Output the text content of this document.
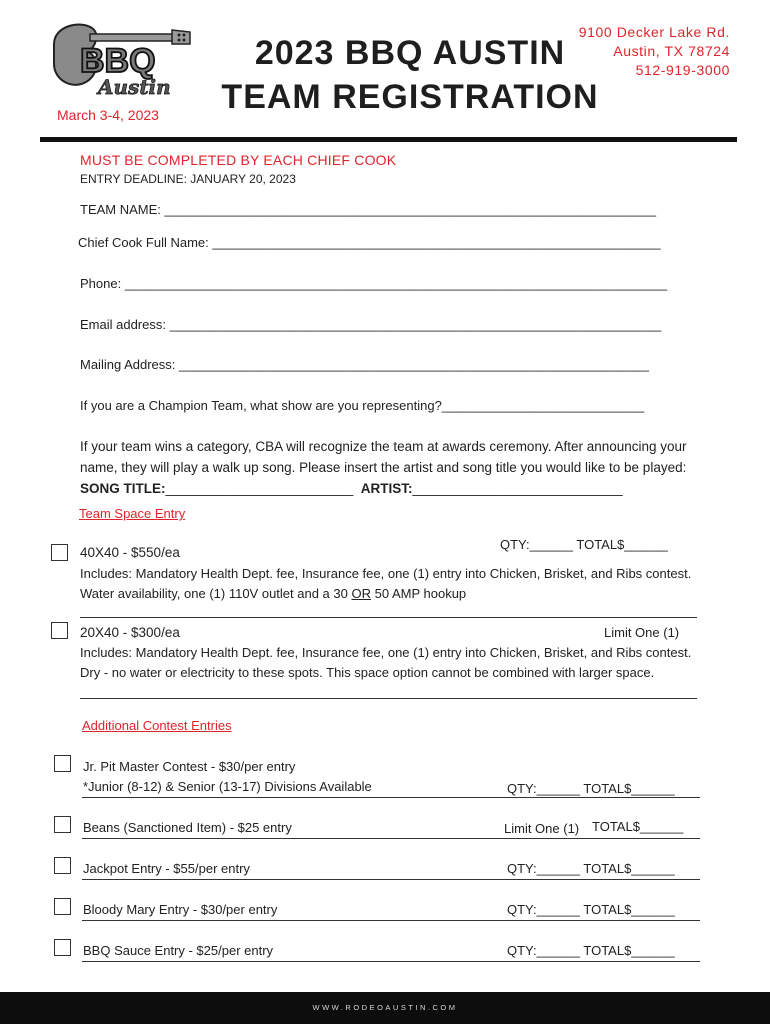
BBQ
Austin
March 3-4, 2023
2023 BBQ AUSTIN
TEAM REGISTRATION
9100 Decker Lake Rd.
Austin, TX 78724
512-919-3000
MUST BE COMPLETED BY EACH CHIEF COOK
ENTRY DEADLINE: JANUARY 20, 2023
TEAM NAME: ____________________________________________________________________
Chief Cook Full Name: ______________________________________________________________
Phone: ___________________________________________________________________________
Email address: ____________________________________________________________________
Mailing Address: _________________________________________________________________
If you are a Champion Team, what show are you representing?____________________________
If your team wins a category, CBA will recognize the team at awards ceremony. After announcing your name, they will play a walk up song. Please insert the artist and song title you would like to be played: SONG TITLE:_________________________ ARTIST:____________________________
Team Space Entry
40X40 - $550/ea
QTY:______ TOTAL$______
Includes: Mandatory Health Dept. fee, Insurance fee, one (1) entry into Chicken, Brisket, and Ribs contest. Water availability, one (1) 110V outlet and a 30 OR 50 AMP hookup
20X40 - $300/ea	Limit One (1)
Includes: Mandatory Health Dept. fee, Insurance fee, one (1) entry into Chicken, Brisket, and Ribs contest. Dry - no water or electricity to these spots. This space option cannot be combined with larger space.
Additional Contest Entries
Jr. Pit Master Contest - $30/per entry
*Junior (8-12) & Senior (13-17) Divisions Available	QTY:______ TOTAL$______
Beans (Sanctioned Item) - $25 entry	Limit One (1) TOTAL$______
Jackpot Entry - $55/per entry	QTY:______ TOTAL$______
Bloody Mary Entry - $30/per entry	QTY:______ TOTAL$______
BBQ Sauce Entry - $25/per entry	QTY:______ TOTAL$______
WWW.RODEOAUSTIN.COM
